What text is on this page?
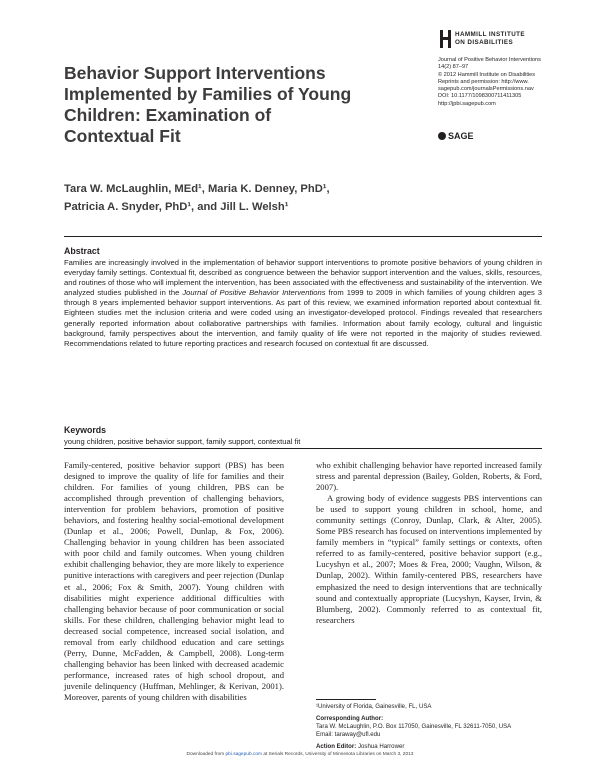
HAMMILL INSTITUTE
ON DISABILITIES
Journal of Positive Behavior Interventions
14(2) 87–97
© 2012 Hammill Institute on Disabilities
Reprints and permission: http://www.
sagepub.com/journalsPermissions.nav
DOI: 10.1177/1098300711411305
http://jpbi.sagepub.com
SAGE
Behavior Support Interventions Implemented by Families of Young Children: Examination of Contextual Fit
Tara W. McLaughlin, MEd¹, Maria K. Denney, PhD¹,
Patricia A. Snyder, PhD¹, and Jill L. Welsh¹
Abstract
Families are increasingly involved in the implementation of behavior support interventions to promote positive behaviors of young children in everyday family settings. Contextual fit, described as congruence between the behavior support intervention and the values, skills, resources, and routines of those who will implement the intervention, has been associated with the effectiveness and sustainability of the intervention. We analyzed studies published in the Journal of Positive Behavior Interventions from 1999 to 2009 in which families of young children ages 3 through 8 years implemented behavior support interventions. As part of this review, we examined information reported about contextual fit. Eighteen studies met the inclusion criteria and were coded using an investigator-developed protocol. Findings revealed that researchers generally reported information about collaborative partnerships with families. Information about family ecology, cultural and linguistic background, family perspectives about the intervention, and family quality of life were not reported in the majority of studies reviewed. Recommendations related to future reporting practices and research focused on contextual fit are discussed.
Keywords
young children, positive behavior support, family support, contextual fit

Family-centered, positive behavior support (PBS) has been designed to improve the quality of life for families and their children. For families of young children, PBS can be accomplished through prevention of challenging behaviors, intervention for problem behaviors, promotion of positive behaviors, and fostering healthy social-emotional development (Dunlap et al., 2006; Powell, Dunlap, & Fox, 2006). Challenging behavior in young children has been associated with poor child and family outcomes. When young children exhibit challenging behavior, they are more likely to experience punitive interactions with caregivers and peer rejection (Dunlap et al., 2006; Fox & Smith, 2007). Young children with disabilities might experience additional difficulties with challenging behavior because of poor communication or social skills. For these children, challenging behavior might lead to decreased social competence, increased social isolation, and removal from early childhood education and care settings (Perry, Dunne, McFadden, & Campbell, 2008). Long-term challenging behavior has been linked with decreased academic performance, increased rates of high school dropout, and juvenile delinquency (Huffman, Mehlinger, & Kerivan, 2001). Moreover, parents of young children with disabilities

who exhibit challenging behavior have reported increased family stress and parental depression (Bailey, Golden, Roberts, & Ford, 2007).

A growing body of evidence suggests PBS interventions can be used to support young children in school, home, and community settings (Conroy, Dunlap, Clark, & Alter, 2005). Some PBS research has focused on interventions implemented by family members in “typical” family settings or contexts, often referred to as family-centered, positive behavior support (e.g., Lucyshyn et al., 2007; Moes & Frea, 2000; Vaughn, Wilson, & Dunlap, 2002). Within family-centered PBS, researchers have emphasized the need to design interventions that are technically sound and contextually appropriate (Lucyshyn, Kayser, Irvin, & Blumberg, 2002). Commonly referred to as contextual fit, researchers

¹University of Florida, Gainesville, FL, USA
Corresponding Author:
Tara W. McLaughlin, P.O. Box 117050, Gainesville, FL 32611-7050, USA
Email: taraway@ufl.edu
Action Editor: Joshua Harrower
Downloaded from pbi.sagepub.com at Serials Records, University of Minnesota Libraries on March 3, 2013
